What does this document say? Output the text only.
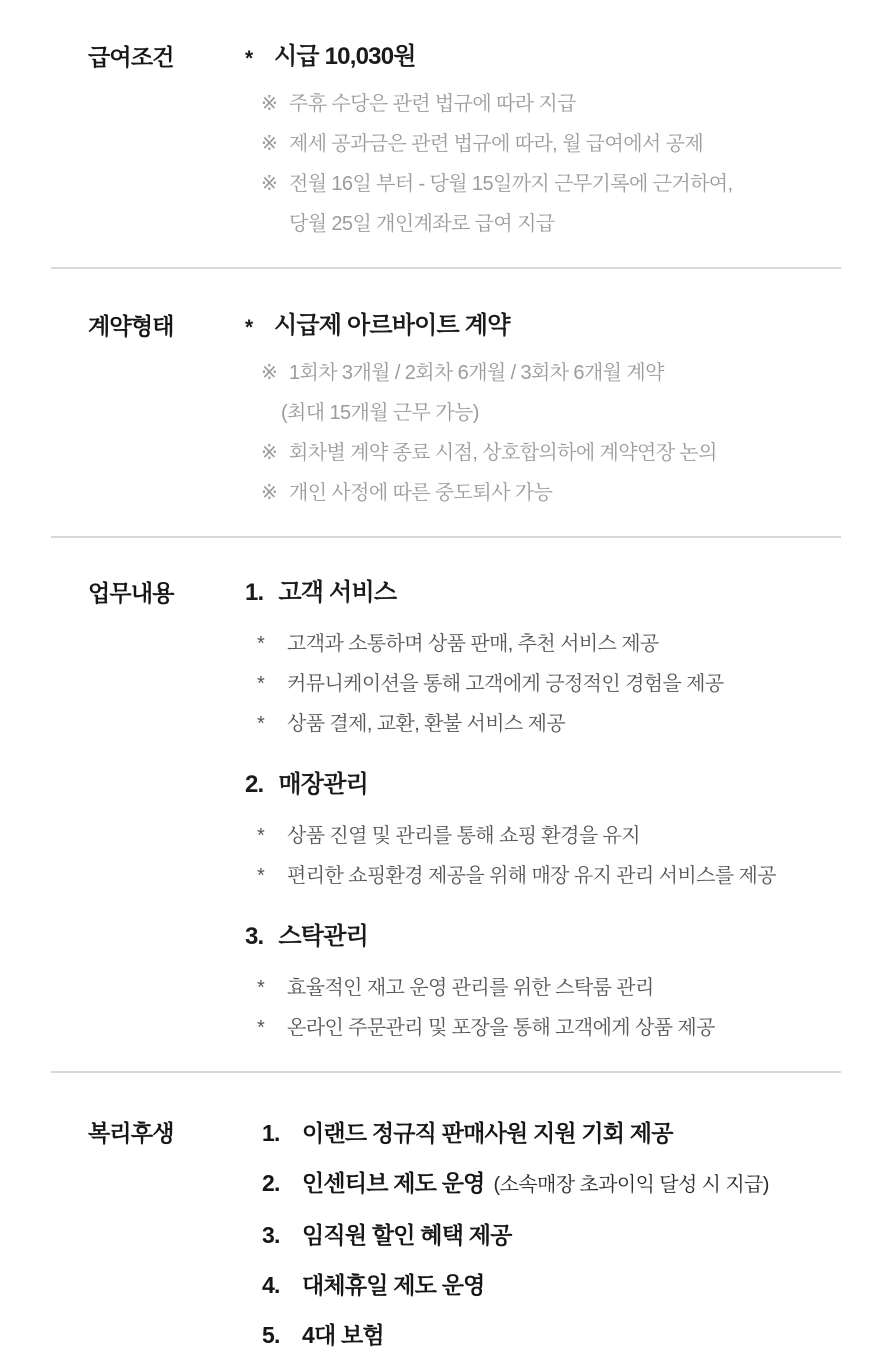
급여조건	* 시급 10,030원
※ 주휴 수당은 관련 법규에 따라 지급
※ 제세 공과금은 관련 법규에 따라, 월 급여에서 공제
※ 전월 16일 부터 - 당월 15일까지 근무기록에 근거하여,
당월 25일 개인계좌로 급여 지급
계약형태	* 시급제 아르바이트 계약
※ 1회차 3개월 / 2회차 6개월 / 3회차 6개월 계약
(최대 15개월 근무 가능)
※ 회차별 계약 종료 시점, 상호합의하에 계약연장 논의
※ 개인 사정에 따른 중도퇴사 가능
업무내용	1. 고객 서비스
*	고객과 소통하며 상품 판매, 추천 서비스 제공
*	커뮤니케이션을 통해 고객에게 긍정적인 경험을 제공
*	상품 결제, 교환, 환불 서비스 제공
2. 매장관리
*	상품 진열 및 관리를 통해 쇼핑 환경을 유지
*	편리한 쇼핑환경 제공을 위해 매장 유지 관리 서비스를 제공
3. 스탁관리
*	효율적인 재고 운영 관리를 위한 스탁룸 관리
*	온라인 주문관리 및 포장을 통해 고객에게 상품 제공
복리후생	1. 이랜드 정규직 판매사원 지원 기회 제공
2. 인센티브 제도 운영 (소속매장 초과이익 달성 시 지급)
3. 임직원 할인 혜택 제공
4. 대체휴일 제도 운영
5. 4대 보험
